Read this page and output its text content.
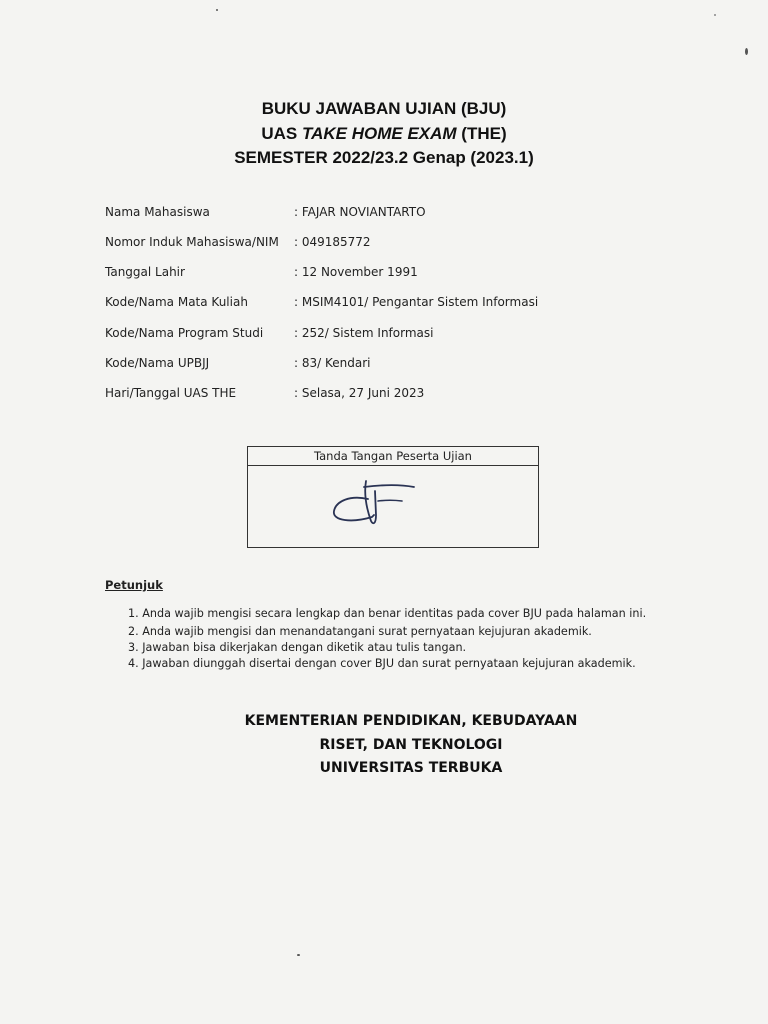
BUKU JAWABAN UJIAN (BJU)
UAS TAKE HOME EXAM (THE)
SEMESTER 2022/23.2 Genap (2023.1)
Nama Mahasiswa	: FAJAR NOVIANTARTO
Nomor Induk Mahasiswa/NIM : 049185772
Tanggal Lahir	: 12 November 1991
Kode/Nama Mata Kuliah	: MSIM4101/ Pengantar Sistem Informasi
Kode/Nama Program Studi	: 252/ Sistem Informasi
Kode/Nama UPBJJ	: 83/ Kendari
Hari/Tanggal UAS THE	: Selasa, 27 Juni 2023
Tanda Tangan Peserta Ujian
Petunjuk
1. Anda wajib mengisi secara lengkap dan benar identitas pada cover BJU pada halaman ini.
2. Anda wajib mengisi dan menandatangani surat pernyataan kejujuran akademik.
3. Jawaban bisa dikerjakan dengan diketik atau tulis tangan.
4. Jawaban diunggah disertai dengan cover BJU dan surat pernyataan kejujuran akademik.
KEMENTERIAN PENDIDIKAN, KEBUDAYAAN
RISET, DAN TEKNOLOGI
UNIVERSITAS TERBUKA
